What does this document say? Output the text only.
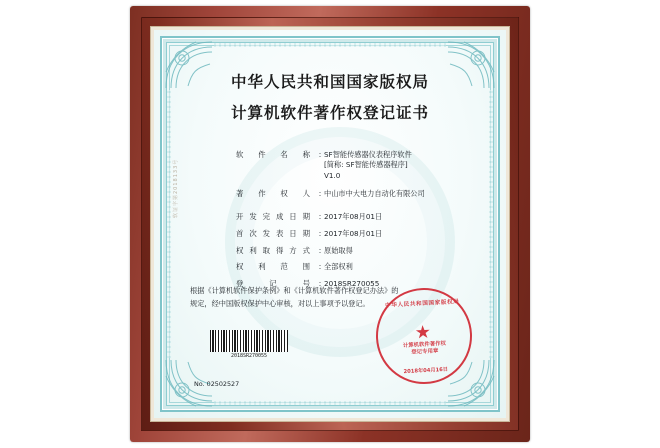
中华人民共和国国家版权局
计算机软件著作权登记证书
软件名称	: SF智能传感器仪表程序软件
[简称: SF智能传感器程序]
V1.0
著作权人	: 中山市中大电力自动化有限公司
开发完成日期	: 2017年08月01日
首次发表日期	: 2017年08月01日
权利取得方式	: 原始取得
权利范围	: 全部权利
登记号	: 2018SR270055
根据《计算机软件保护条例》和《计算机软件著作权登记办法》的
规定，经中国版权保护中心审核，对以上事项予以登记。
2018SR270055
中华人民共和国国家版权局
★
计算机软件著作权
登记专用章
2018年04月16日
No. 02502527
软证字第2018133号
